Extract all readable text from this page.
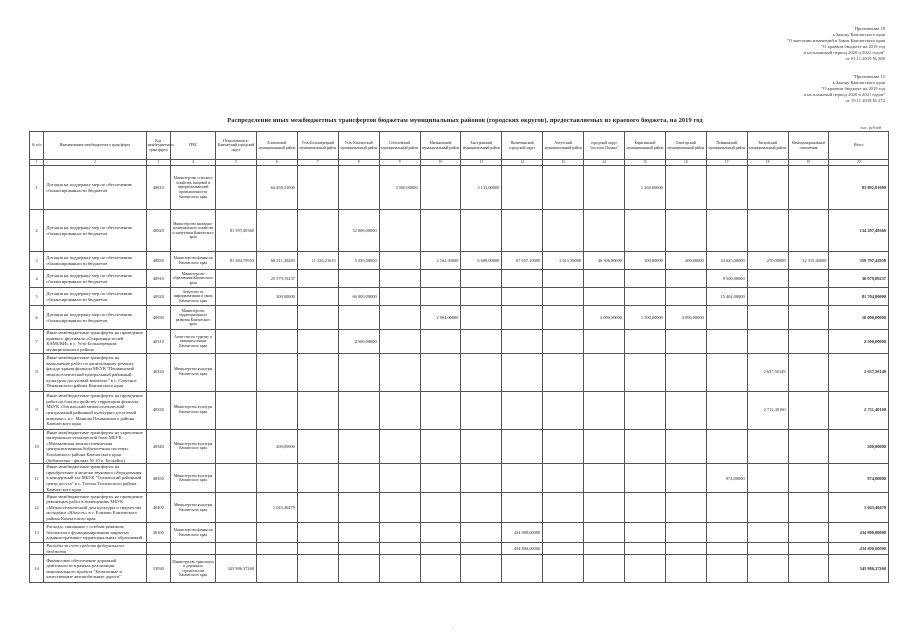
Приложение 18
к Закону Камчатского края
"О внесении изменений в Закон Камчатского края
"О краевом бюджете на 2019 год
и на плановый период 2020 и 2021 годов"
от 01.11.2019 № 380
"Приложение 15
к Закону Камчатского края
"О краевом бюджете на 2019 год
и на плановый период 2020 и 2021 годов"
от 19.11.2018 № 272
Распределение иных межбюджетных трансфертов бюджетам муниципальных районов (городских округов), предоставляемых из краевого бюджета, на 2019 год
тыс. рублей
№ п/п	Наименование межбюджетного трансферта	Код межбюджетного трансферта	ГРБС	Петропавловск-Камчатский городской округ	Елизовский муниципальный район	Усть-Большерецкий муниципальный район	Усть-Камчатский муниципальный район	Соболевский муниципальный район	Мильковский муниципальный район	Быстринский муниципальный район	Вилючинский городской округ	Алеутский муниципальный район	городской округ "поселок Палана"	Карагинский муниципальный район	Олюторский муниципальный район	Пенжинский муниципальный район	Тигильский муниципальный район	Межмуниципальные отношения	Итого
1	2	3	4	5	6	7	8	9	10	11	12	13	14	15	16	17	18	19	20
1	Дотация на поддержку мер по обеспечению сбалансированности бюджетов	40810	Министерство сельского хозяйства, пищевой и перерабатывающей промышленности Камчатского края		64 459,31000			3 500,00000		3 133,00000				1 260,00000					83 892,81000
2	Дотация на поддержку мер по обеспечению сбалансированности бюджетов	40820	Министерство жилищно-коммунального хозяйства и энергетики Камчатского края	81 397,49360			52 000,00000												134 297,49360
3	Дотация на поддержку мер по обеспечению сбалансированности бюджетов	40830	Министерство финансов Камчатского края	81 384,79953	68 211,30283	11 326,21615	5 250,00000		2 162,30000	6 600,00000	67 657,10000	2 611,39000	46 306,80000	300,00000	200,00000	34 625,00000	270,00000	32 315,40000	359 797,42958
4	Дотация на поддержку мер по обеспечению сбалансированности бюджетов	40910	Министерство образования Камчатского края		25 579,19237											9 500,00000			36 079,09237
5	Дотация на поддержку мер по обеспечению сбалансированности бюджетов	40920	Агентство по информатизации и связи Камчатского края		300,00000		66 000,00000									15 404,00000			81 704,00000
6	Дотация на поддержку мер по обеспечению сбалансированности бюджетов	40930	Министерство территориального развития Камчатского края						2 904,00000				3 090,00000	1 500,00000	3 096,00000				10 090,00000
7	Иные межбюджетные трансферты на проведение краевого фестиваля «Сокровище полей КАМСКИ» в с. Усть-Большерецком муниципального района	40310	Агентство по туризму и внешним связям Камчатского края				2 500,00000												2 500,00000
8	Иные межбюджетные трансферты на выполнение работ по капитальному ремонту фасада здания филиала МБУК "Пенжинский межпоселенческий центральный районный культурно-досуговый комплекс" в с. Слаутное Пенжинского района Камчатского края	40320	Министерство культуры Камчатского края														2 637,50149		2 637,50149
9	Иные межбюджетные трансферты на проведение работ по благоустройству территории филиала МБУК «Тигильский межпоселенческий центральный районный культурно-досуговый комплекс» в с. Манилы Пенжинского района Камчатского края	40330	Министерство культуры Камчатского края														2 711,40160		2 711,40160
10	Иные межбюджетные трансферты на укрепление материально-технической базы МБУК «Мильковская межпоселенческая централизованная библиотечная система» Елизовского района Камчатского края (библиотека - филиал № 10 п. Бескайск)	40340	Министерство культуры Камчатского края		200,00000														200,00000
11	Иные межбюджетные трансферты на приобретение и монтаж звукового оборудования в концертный зал МБУК "Тигильский районный центр досуга" в с. Тигиль Тигильского района Камчатского края	40350	Министерство культуры Камчатского края													974,00000			974,00000
12	Иные межбюджетные трансферты на проведение ремонтных работ в помещениях МБУК «Межпоселенческий дом культуры и творчества молодёжи «Юность» в г. Елизово Елизовского района Камчатского края	40400	Министерство культуры Камчатского края		1 043,40479														1 043,40479
13	Расходы, связанные с особым режимом безопасного функционирования закрытых административно-территориальных образований	36100	Министерство финансов Камчатского края								434 800,00000								434 800,00000
	Расходы за счёт средств федерального бюджета										434 800,00000								434 800,00000
14	Финансовое обеспечение дорожной деятельности в рамках реализации национального проекта "Безопасные и качественные автомобильные дороги"	53930	Министерство транспорта и дорожного строительства Камчатского края	345 986,37260															345 986,37260
,
